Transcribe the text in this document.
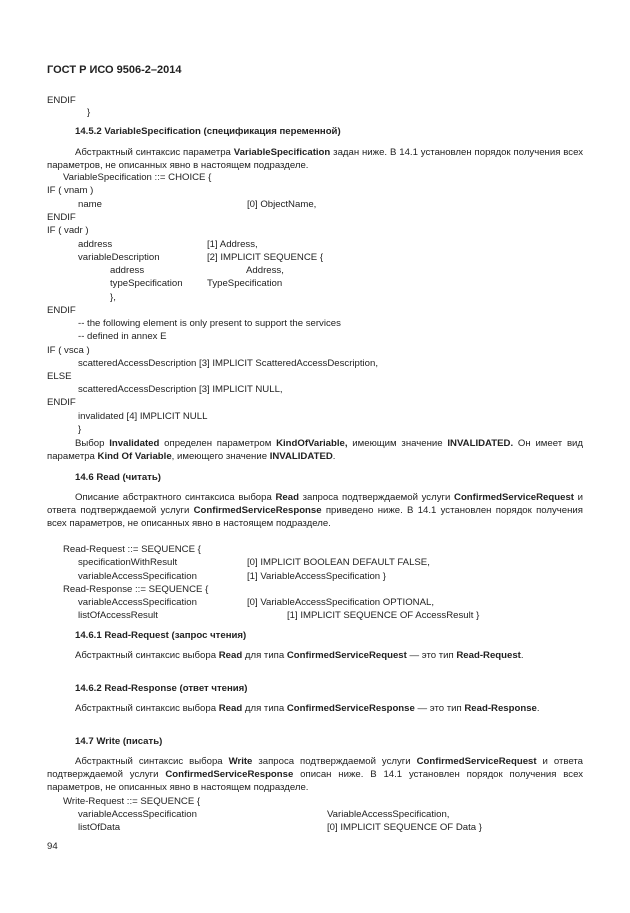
ГОСТ Р ИСО 9506-2–2014
ENDIF
}
14.5.2 VariableSpecification (спецификация переменной)
Абстрактный синтаксис параметра VariableSpecification задан ниже. В 14.1 установлен порядок получения всех параметров, не описанных явно в настоящем подразделе.
VariableSpecification ::= CHOICE {
IF ( vnam )
name	[0] ObjectName,
ENDIF
IF ( vadr )
address	[1] Address,
variableDescription	[2] IMPLICIT SEQUENCE {
address	Address,
typeSpecification	TypeSpecification
},
ENDIF
-- the following element is only present to support the services
-- defined in annex E
IF ( vsca )
scatteredAccessDescription [3] IMPLICIT ScatteredAccessDescription,
ELSE
scatteredAccessDescription [3] IMPLICIT NULL,
ENDIF
invalidated [4] IMPLICIT NULL
}
Выбор Invalidated определен параметром KindOfVariable, имеющим значение INVALIDATED. Он имеет вид параметра Kind Of Variable, имеющего значение INVALIDATED.
14.6 Read (читать)
Описание абстрактного синтаксиса выбора Read запроса подтверждаемой услуги ConfirmedServiceRequest и ответа подтверждаемой услуги ConfirmedServiceResponse приведено ниже. В 14.1 установлен порядок получения всех параметров, не описанных явно в настоящем подразделе.
Read-Request ::= SEQUENCE {
specificationWithResult	[0] IMPLICIT BOOLEAN DEFAULT FALSE,
variableAccessSpecification	[1] VariableAccessSpecification }
Read-Response ::= SEQUENCE {
variableAccessSpecification	[0] VariableAccessSpecification OPTIONAL,
listOfAccessResult	[1] IMPLICIT SEQUENCE OF AccessResult }
14.6.1 Read-Request (запрос чтения)
Абстрактный синтаксис выбора Read для типа ConfirmedServiceRequest — это тип Read-Request.
14.6.2 Read-Response (ответ чтения)
Абстрактный синтаксис выбора Read для типа ConfirmedServiceResponse — это тип Read-Response.
14.7 Write (писать)
Абстрактный синтаксис выбора Write запроса подтверждаемой услуги ConfirmedServiceRequest и ответа подтверждаемой услуги ConfirmedServiceResponse описан ниже. В 14.1 установлен порядок получения всех параметров, не описанных явно в настоящем подразделе.
Write-Request ::= SEQUENCE {
variableAccessSpecification	VariableAccessSpecification,
listOfData	[0] IMPLICIT SEQUENCE OF Data }
94
